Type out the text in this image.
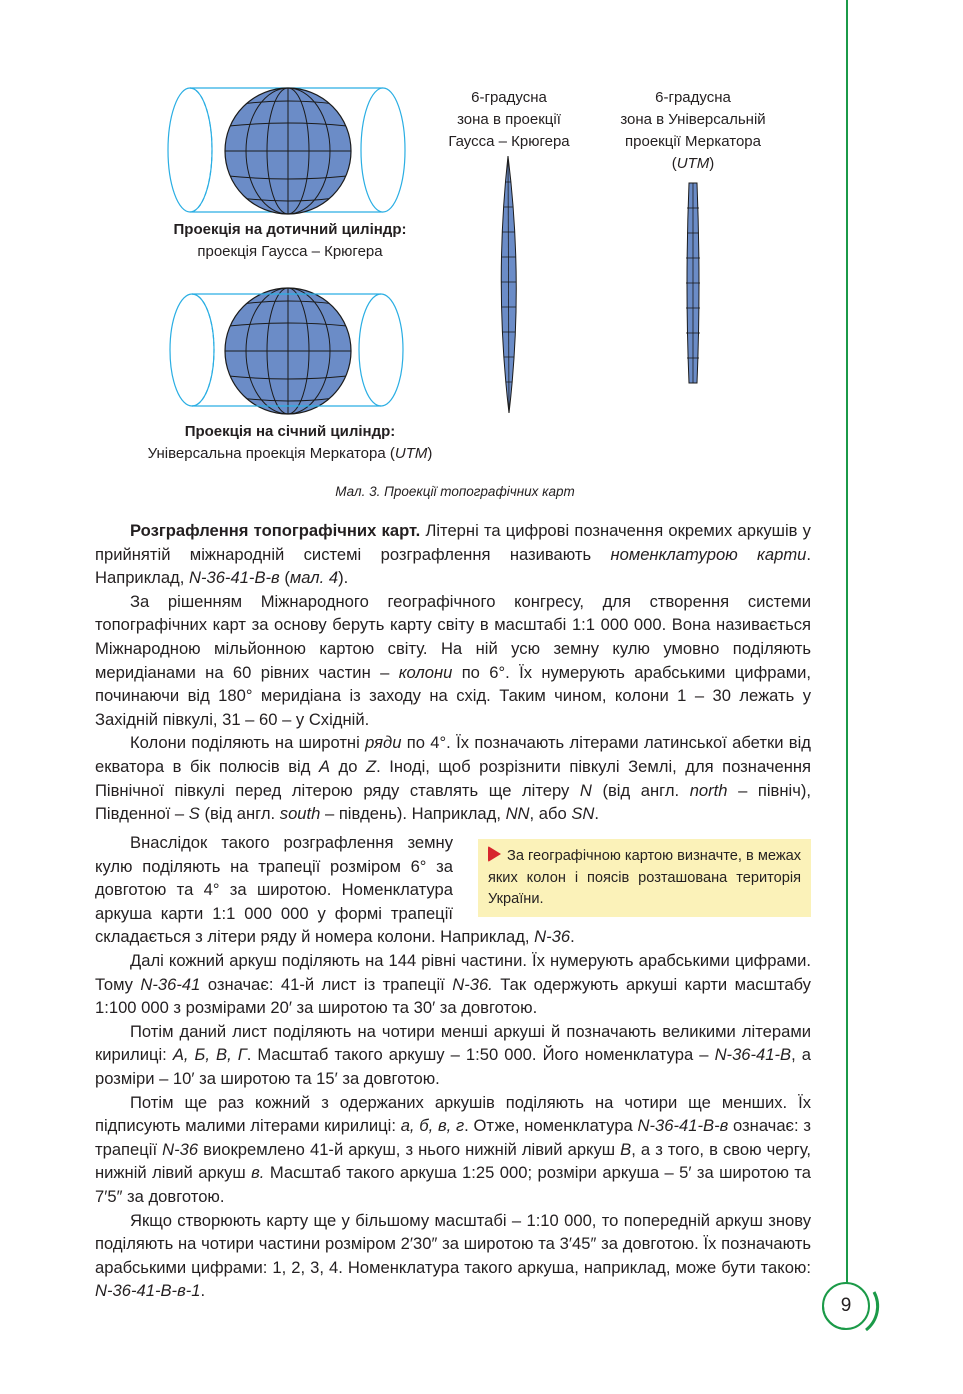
Проекція на дотичний циліндр:
проекція Гаусса – Крюгера
Проекція на січний циліндр:
Універсальна проекція Меркатора (UTM)
6-градусна
зона в проекції
Гаусса – Крюгера
6-градусна
зона в Універсальній
проекції Меркатора
(UTM)
Мал. 3. Проекції топографічних карт

Розграфлення топографічних карт. Літерні та цифрові позначення окремих аркушів у прийнятій міжнародній системі розграфлення називають номенклатурою карти. Наприклад, N-36-41-В-в (мал. 4).

За рішенням Міжнародного географічного конгресу, для створення системи топографічних карт за основу беруть карту світу в масштабі 1:1 000 000. Вона називається Міжнародною мільйонною картою світу. На ній усю земну кулю умовно поділяють меридіанами на 60 рівних частин – колони по 6°. Їх нумерують арабськими цифрами, починаючи від 180° меридіана із заходу на схід. Таким чином, колони 1 – 30 лежать у Західній півкулі, 31 – 60 – у Східній.

Колони поділяють на широтні ряди по 4°. Їх позначають літерами латинської абетки від екватора в бік полюсів від A до Z. Іноді, щоб розрізнити півкулі Землі, для позначення Північної півкулі перед літерою ряду ставлять ще літеру N (від англ. north – північ), Південної – S (від англ. south – південь). Наприклад, NN, або SN.

За географічною картою визначте, в межах яких колон і поясів розташована територія України.

Внаслідок такого розграфлення земну кулю поділяють на трапеції розміром 6° за довготою та 4° за широтою. Номенклатура аркуша карти 1:1 000 000 у формі трапеції складається з літери ряду й номера колони. Наприклад, N-36.

Далі кожний аркуш поділяють на 144 рівні частини. Їх нумерують арабськими цифрами. Тому N-36-41 означає: 41-й лист із трапеції N-36. Так одержують аркуші карти масштабу 1:100 000 з розмірами 20′ за широтою та 30′ за довготою.

Потім даний лист поділяють на чотири менші аркуші й позначають великими літерами кирилиці: А, Б, В, Г. Масштаб такого аркушу – 1:50 000. Його номенклатура – N-36-41-В, а розміри – 10′ за широтою та 15′ за довготою.

Потім ще раз кожний з одержаних аркушів поділяють на чотири ще менших. Їх підписують малими літерами кирилиці: а, б, в, г. Отже, номенклатура N-36-41-В-в означає: з трапеції N-36 виокремлено 41-й аркуш, з нього нижній лівий аркуш В, а з того, в свою чергу, нижній лівий аркуш в. Масштаб такого аркуша 1:25 000; розміри аркуша – 5′ за широтою та 7′5″ за довготою.

Якщо створюють карту ще у більшому масштабі – 1:10 000, то попередній аркуш знову поділяють на чотири частини розміром 2′30″ за широтою та 3′45″ за довготою. Їх позначають арабськими цифрами: 1, 2, 3, 4. Номенклатура такого аркуша, наприклад, може бути такою: N-36-41-В-в-1.

9
